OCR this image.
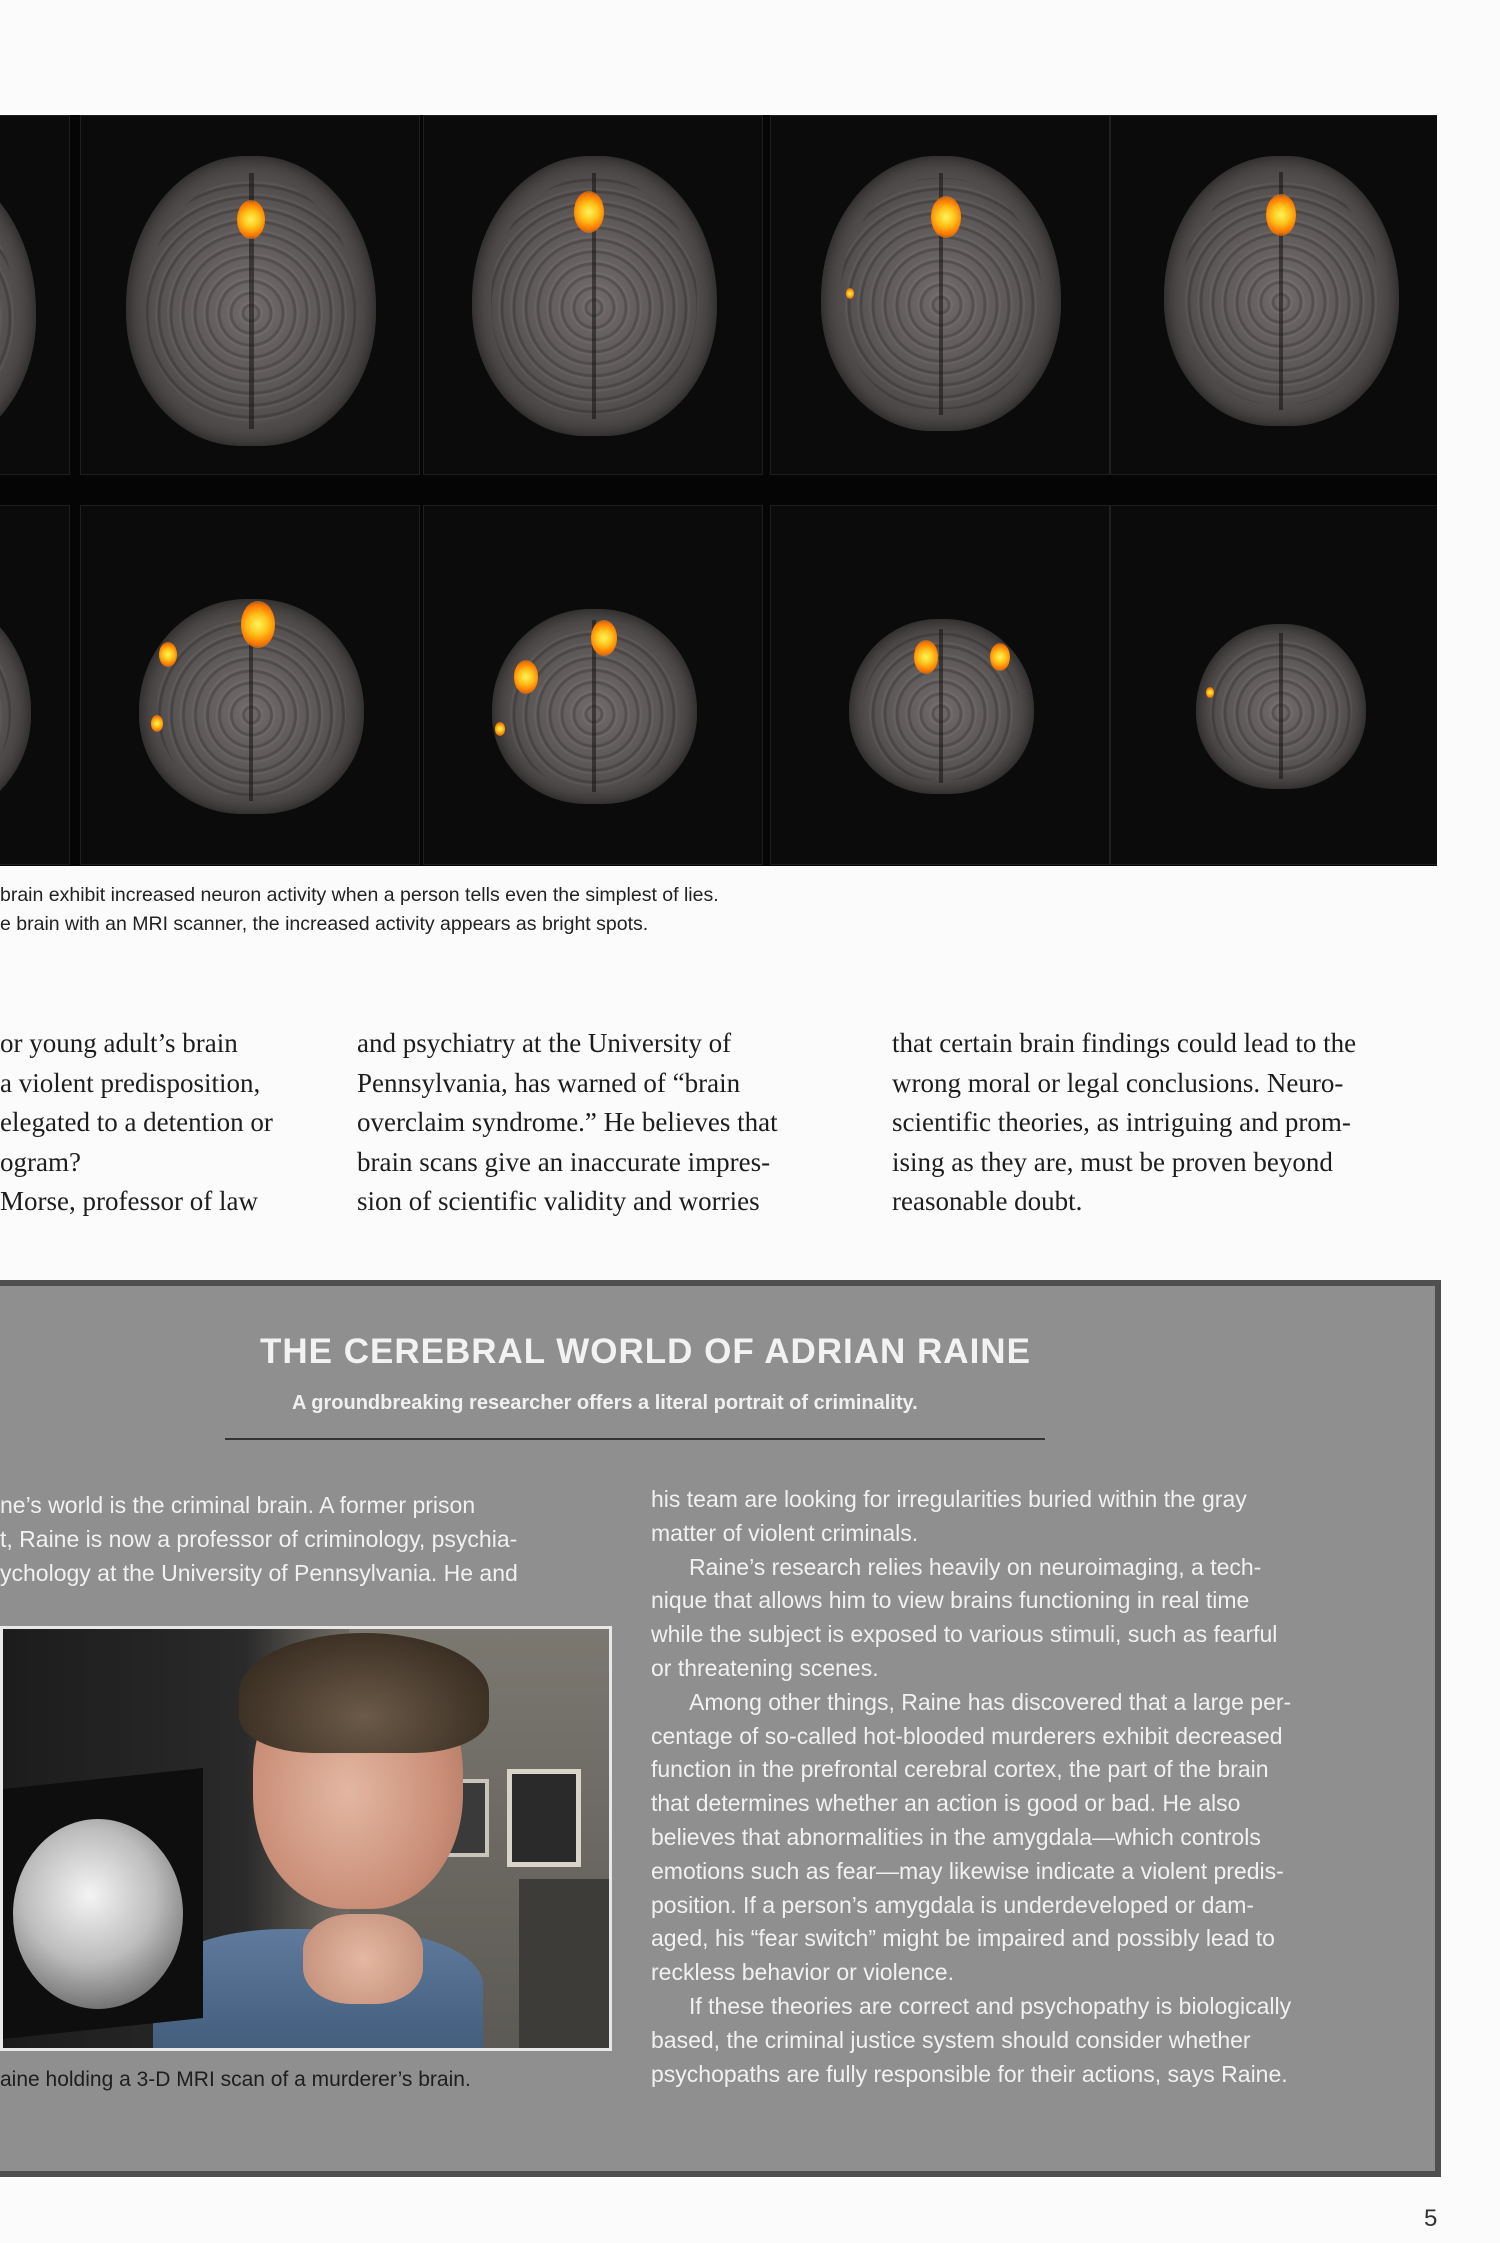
brain exhibit increased neuron activity when a person tells even the simplest of lies.
e brain with an MRI scanner, the increased activity appears as bright spots.

or young adult’s brain

a violent predisposition,

elegated to a detention or

ogram?

Morse, professor of law

and psychiatry at the University of

Pennsylvania, has warned of “brain

overclaim syndrome.” He believes that

brain scans give an inaccurate impres-

sion of scientific validity and worries

that certain brain findings could lead to the

wrong moral or legal conclusions. Neuro-

scientific theories, as intriguing and prom-

ising as they are, must be proven beyond

reasonable doubt.

THE CEREBRAL WORLD OF ADRIAN RAINE
A groundbreaking researcher offers a literal portrait of criminality.

ne’s world is the criminal brain. A former prison

t, Raine is now a professor of criminology, psychia-

ychology at the University of Pennsylvania. He and

aine holding a 3-D MRI scan of a murderer’s brain.

his team are looking for irregularities buried within the gray

matter of violent criminals.

Raine’s research relies heavily on neuroimaging, a tech-

nique that allows him to view brains functioning in real time

while the subject is exposed to various stimuli, such as fearful

or threatening scenes.

Among other things, Raine has discovered that a large per-

centage of so-called hot-blooded murderers exhibit decreased

function in the prefrontal cerebral cortex, the part of the brain

that determines whether an action is good or bad. He also

believes that abnormalities in the amygdala—which controls

emotions such as fear—may likewise indicate a violent predis-

position. If a person’s amygdala is underdeveloped or dam-

aged, his “fear switch” might be impaired and possibly lead to

reckless behavior or violence.

If these theories are correct and psychopathy is biologically

based, the criminal justice system should consider whether

psychopaths are fully responsible for their actions, says Raine.

5
